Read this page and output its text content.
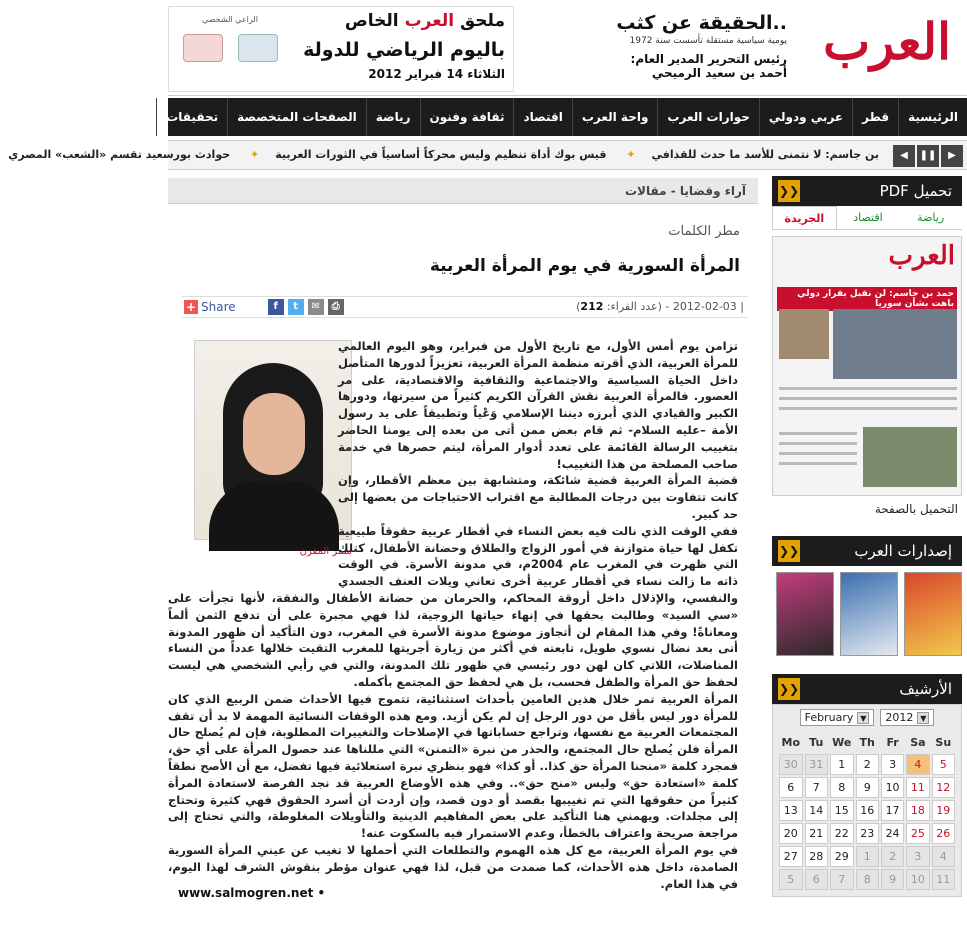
العرب
..الحقيقة عن كثب
يومية سياسية مستقلة تأسست سنة 1972
رئيس التحرير المدير العام: أحمد بن سعيد الرميحي
ملحق العرب الخاص
باليوم الرياضي للدولة
الثلاثاء 14 فبراير 2012
الراعي الشخصي
الرئيسية
قطر
عربي ودولي
حوارات العرب
واحة العرب
اقتصاد
ثقافة وفنون
رياضة
الصفحات المتخصصة
تحقيقات
◀	❚❚	▶
بن جاسم: لا نتمنى للأسد ما حدث للقذافي✦ قيس بوك أداة تنظيم وليس محركاً أساسياً في الثورات العربية✦ حوادث بورسعيد تقسم «الشعب» المصري
آراء وقضايا - مقالات
مطر الكلمات
المرأة السورية في يوم المرأة العربية
| 2012-02-03 - (عدد القراء: 212)
+ Share	f	t	✉	⎙
سمر المقرن

تزامن يوم أمس الأول، مع تاريخ الأول من فبراير، وهو اليوم العالمي للمرأة العربية، الذي أقرته منظمة المرأة العربية، تعزيزاً لدورها المتأصل داخل الحياة السياسية والاجتماعية والثقافية والاقتصادية، على مر العصور. فالمرأة العربية نقش القرآن الكريم كثيراً من سيرتها، ودورها الكبير والقيادي الذي أبرزه ديننا الإسلامي وَعْياً وتطبيقاً على يد رسول الأمة –عليه السلام- ثم قام بعض ممن أتى من بعده إلى يومنا الحاضر بتغييب الرسالة القائمة على تعدد أدوار المرأة، ليتم حصرها في خدمة صاحب المصلحة من هذا التغييب!

قضية المرأة العربية قضية شائكة، ومتشابهة بين معظم الأقطار، وإن كانت تتفاوت بين درجات المطالبة مع اقتراب الاحتياجات من بعضها إلى حد كبير.

ففي الوقت الذي نالت فيه بعض النساء في أقطار عربية حقوقاً طبيعية تكفل لها حياة متوازنة في أمور الزواج والطلاق وحضانة الأطفال، كتلك التي ظهرت في المغرب عام 2004م، في مدونة الأسرة. في الوقت ذاته ما زالت نساء في أقطار عربية أخرى تعاني ويلات العنف الجسدي والنفسي، والإذلال داخل أروقة المحاكم، والحرمان من حضانة الأطفال والنفقة، لأنها تجرأت على «سي السيد» وطالبت بحقها في إنهاء حياتها الزوجية، لذا فهي مجبرة على أن تدفع الثمن ألماً ومعاناةً! وفي هذا المقام لن أتجاوز موضوع مدونة الأسرة في المغرب، دون التأكيد أن ظهور المدونة أتى بعد نضال نسوي طويل، تابعته في أكثر من زيارة أجريتها للمغرب التقيت خلالها عدداً من النساء المناضلات، اللاتي كان لهن دور رئيسي في ظهور تلك المدونة، والتي في رأيي الشخصي هي ليست لحفظ حق المرأة والطفل فحسب، بل هي لحفظ حق المجتمع بأكمله.

المرأة العربية تمر خلال هذين العامين بأحداث استثنائية، تتموج فيها الأحداث ضمن الربيع الذي كان للمرأة دور ليس بأقل من دور الرجل إن لم يكن أزيد. ومع هذه الوقفات النسائية المهمة لا بد أن تقف المجتمعات العربية مع نفسها، وتراجع حساباتها في الإصلاحات والتغييرات المطلوبة، فإن لم يُصلح حال المرأة فلن يُصلح حال المجتمع، والحذر من نبرة «التمنن» التي مللناها عند حصول المرأة على أي حق، فمجرد كلمة «منحنا المرأة حق كذا.. أو كذا» فهو بنظري نبرة استعلائية فيها تفضل، مع أن الأصح نطقاً كلمة «استعادة حق» وليس «منح حق».. وفي هذه الأوضاع العربية قد نجد الفرصة لاستعادة المرأة كثيراً من حقوقها التي تم تغييبها بقصد أو دون قصد، وإن أردت أن أسرد الحقوق فهي كثيرة وتحتاج إلى مجلدات. ويهمني هنا التأكيد على بعض المفاهيم الدينية والتأويلات المغلوطة، والتي تحتاج إلى مراجعة صريحة واعتراف بالخطأ، وعدم الاستمرار فيه بالسكوت عنه!

في يوم المرأة العربية، مع كل هذه الهموم والتطلعات التي أحملها لا تغيب عن عيني المرأة السورية الصامدة، داخل هذه الأحداث، كما صمدت من قبل، لذا فهي عنوان مؤطر بنقوش الشرف لهذا اليوم، في هذا العام.

www.salmogren.net •
تحميل PDF
❮❮
رياضة
اقتصاد
الجريدة
العرب
حمد بن جاسم: لن نقبل بقرار دولي باهت بشأن سوريا
التحميل بالصفحة
إصدارات العرب
❮❮
الأرشيف
❮❮
February ▼ 2012 ▼
Mo	Tu	We	Th	Fr	Sa	Su
30	31	1	2	3	4	5
6	7	8	9	10	11	12
13	14	15	16	17	18	19
20	21	22	23	24	25	26
27	28	29	1	2	3	4
5	6	7	8	9	10	11
